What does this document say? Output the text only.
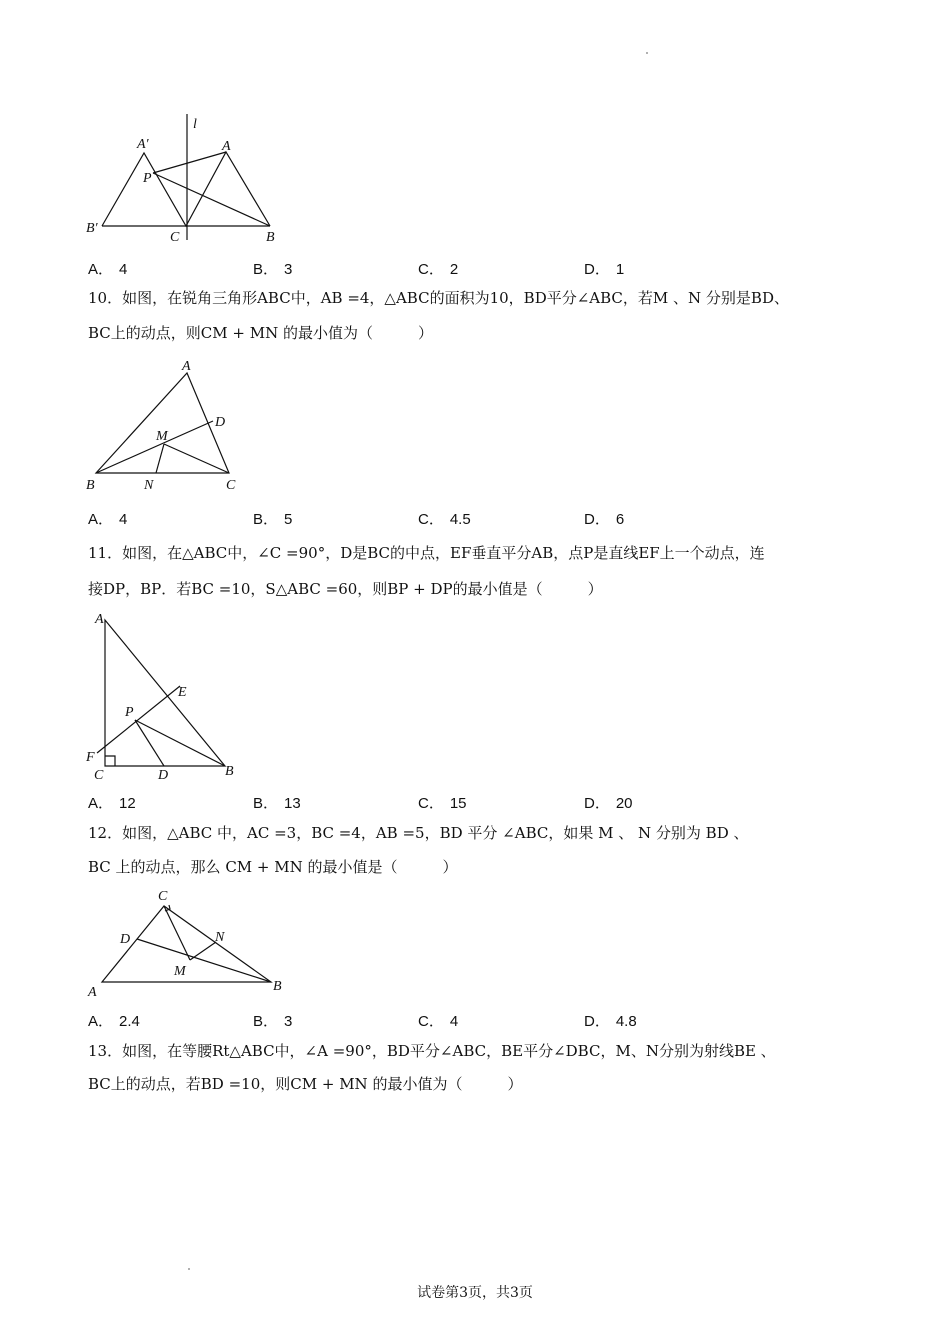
l
A′	A
P
B′
C	B
A． 4	B． 3	C． 2	D． 1
10．如图，在锐角三角形ABC中，AB =4，△ABC的面积为10，BD平分∠ABC，若M 、N 分别是BD、
BC上的动点，则CM + MN 的最小值为（　　　）
A
D
M
B	N	C
A． 4	B． 5	C． 4.5	D． 6
11．如图，在△ABC中，∠C =90°，D是BC的中点，EF垂直平分AB，点P是直线EF上一个动点，连
接DP，BP．若BC =10，S△ABC =60，则BP + DP的最小值是（　　　）
A
E
P
F
C	D	B
A． 12	B． 13	C． 15	D． 20
12．如图，△ABC 中，AC =3，BC =4，AB =5，BD 平分 ∠ABC，如果 M 、 N 分别为 BD 、
BC 上的动点，那么 CM + MN 的最小值是（　　　）
C
D	N
M
A	B
A． 2.4	B． 3	C． 4	D． 4.8
13．如图，在等腰Rt△ABC中，∠A =90°，BD平分∠ABC，BE平分∠DBC，M、N分别为射线BE 、
BC上的动点，若BD =10，则CM + MN 的最小值为（　　　）
试卷第3页，共3页
